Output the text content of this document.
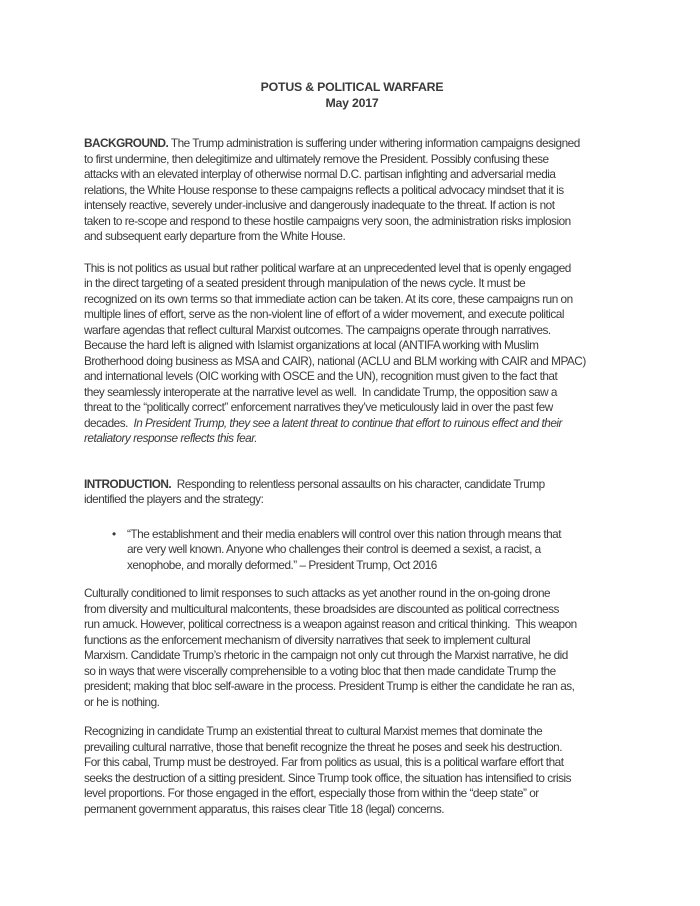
POTUS & POLITICAL WARFARE
May 2017
BACKGROUND. The Trump administration is suffering under withering information campaigns designed
to first undermine, then delegitimize and ultimately remove the President. Possibly confusing these
attacks with an elevated interplay of otherwise normal D.C. partisan infighting and adversarial media
relations, the White House response to these campaigns reflects a political advocacy mindset that it is
intensely reactive, severely under-inclusive and dangerously inadequate to the threat. If action is not
taken to re-scope and respond to these hostile campaigns very soon, the administration risks implosion
and subsequent early departure from the White House.
This is not politics as usual but rather political warfare at an unprecedented level that is openly engaged
in the direct targeting of a seated president through manipulation of the news cycle. It must be
recognized on its own terms so that immediate action can be taken. At its core, these campaigns run on
multiple lines of effort, serve as the non-violent line of effort of a wider movement, and execute political
warfare agendas that reflect cultural Marxist outcomes. The campaigns operate through narratives.
Because the hard left is aligned with Islamist organizations at local (ANTIFA working with Muslim
Brotherhood doing business as MSA and CAIR), national (ACLU and BLM working with CAIR and MPAC)
and international levels (OIC working with OSCE and the UN), recognition must given to the fact that
they seamlessly interoperate at the narrative level as well.  In candidate Trump, the opposition saw a
threat to the “politically correct” enforcement narratives they’ve meticulously laid in over the past few
decades.  In President Trump, they see a latent threat to continue that effort to ruinous effect and their
retaliatory response reflects this fear.
INTRODUCTION.  Responding to relentless personal assaults on his character, candidate Trump
identified the players and the strategy:
• “The establishment and their media enablers will control over this nation through means that
are very well known. Anyone who challenges their control is deemed a sexist, a racist, a
xenophobe, and morally deformed.” – President Trump, Oct 2016
Culturally conditioned to limit responses to such attacks as yet another round in the on-going drone
from diversity and multicultural malcontents, these broadsides are discounted as political correctness
run amuck. However, political correctness is a weapon against reason and critical thinking.  This weapon
functions as the enforcement mechanism of diversity narratives that seek to implement cultural
Marxism. Candidate Trump’s rhetoric in the campaign not only cut through the Marxist narrative, he did
so in ways that were viscerally comprehensible to a voting bloc that then made candidate Trump the
president; making that bloc self-aware in the process. President Trump is either the candidate he ran as,
or he is nothing.
Recognizing in candidate Trump an existential threat to cultural Marxist memes that dominate the
prevailing cultural narrative, those that benefit recognize the threat he poses and seek his destruction.
For this cabal, Trump must be destroyed. Far from politics as usual, this is a political warfare effort that
seeks the destruction of a sitting president. Since Trump took office, the situation has intensified to crisis
level proportions. For those engaged in the effort, especially those from within the “deep state” or
permanent government apparatus, this raises clear Title 18 (legal) concerns.
